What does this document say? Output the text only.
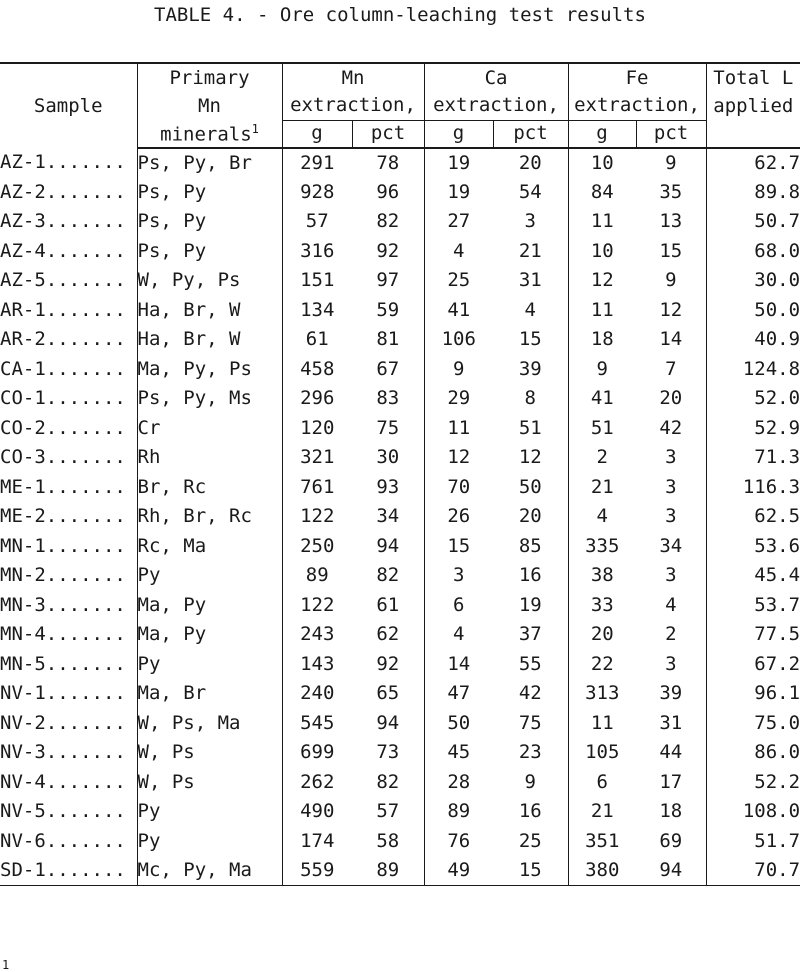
TABLE 4. - Ore column-leaching test results
Sample	Primary	Mn		Ca		Fe		Total L
	Mn	extraction,		extraction,		extraction,		applied
	minerals$^1$	g	pct	g	pct	g	pct	
AZ-1.......	Ps, Py, Br	291	78	19	20	10	9	62.7
AZ-2.......	Ps, Py	928	96	19	54	84	35	89.8
AZ-3.......	Ps, Py	57	82	27	3	11	13	50.7
AZ-4.......	Ps, Py	316	92	4	21	10	15	68.0
AZ-5.......	W, Py, Ps	151	97	25	31	12	9	30.0
AR-1.......	Ha, Br, W	134	59	41	4	11	12	50.0
AR-2.......	Ha, Br, W	61	81	106	15	18	14	40.9
CA-1.......	Ma, Py, Ps	458	67	9	39	9	7	124.8
CO-1.......	Ps, Py, Ms	296	83	29	8	41	20	52.0
CO-2.......	Cr	120	75	11	51	51	42	52.9
CO-3.......	Rh	321	30	12	12	2	3	71.3
ME-1.......	Br, Rc	761	93	70	50	21	3	116.3
ME-2.......	Rh, Br, Rc	122	34	26	20	4	3	62.5
MN-1.......	Rc, Ma	250	94	15	85	335	34	53.6
MN-2.......	Py	89	82	3	16	38	3	45.4
MN-3.......	Ma, Py	122	61	6	19	33	4	53.7
MN-4.......	Ma, Py	243	62	4	37	20	2	77.5
MN-5.......	Py	143	92	14	55	22	3	67.2
NV-1.......	Ma, Br	240	65	47	42	313	39	96.1
NV-2.......	W, Ps, Ma	545	94	50	75	11	31	75.0
NV-3.......	W, Ps	699	73	45	23	105	44	86.0
NV-4.......	W, Ps	262	82	28	9	6	17	52.2
NV-5.......	Py	490	57	89	16	21	18	108.0
NV-6.......	Py	174	58	76	25	351	69	51.7
SD-1.......	Mc, Py, Ma	559	89	49	15	380	94	70.7
1
